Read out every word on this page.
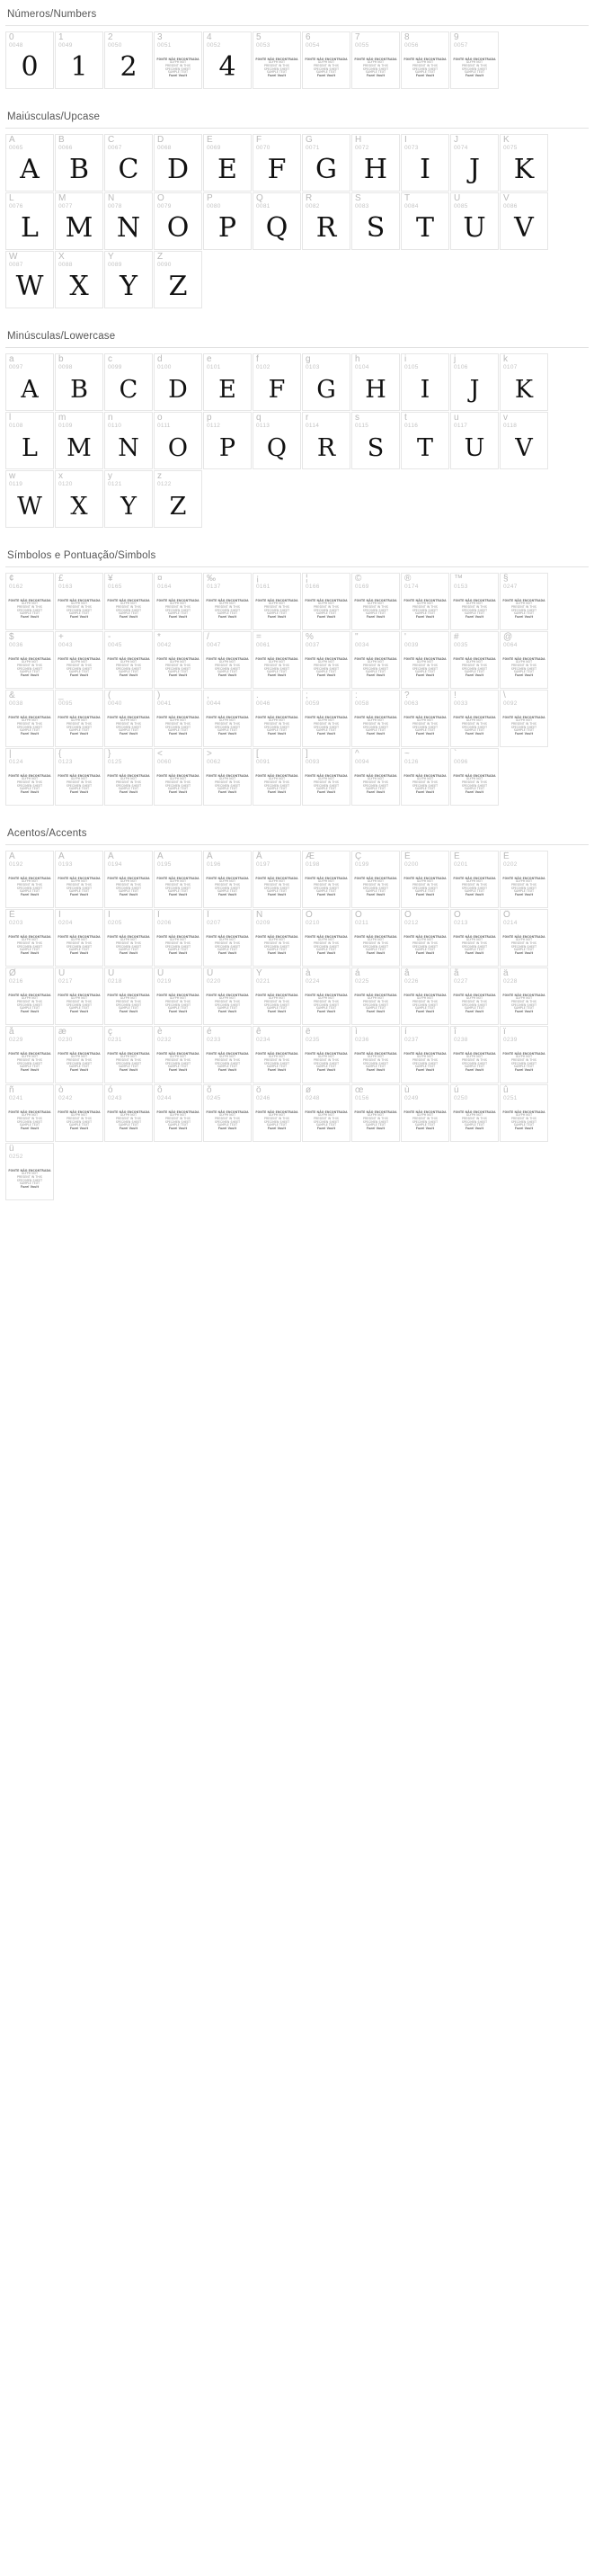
Números/Numbers
0
0048
0
1
0049
1
2
0050
2
3
0051
FONTE NÃO ENCONTRADA
GLYPH NOT
PRESENT IN THIS
SPECIMEN SHEET
SAMPLE TEXT
Fuzel Vault
4
0052
4
5
0053
FONTE NÃO ENCONTRADA
GLYPH NOT
PRESENT IN THIS
SPECIMEN SHEET
SAMPLE TEXT
Fuzel Vault
6
0054
FONTE NÃO ENCONTRADA
GLYPH NOT
PRESENT IN THIS
SPECIMEN SHEET
SAMPLE TEXT
Fuzel Vault
7
0055
FONTE NÃO ENCONTRADA
GLYPH NOT
PRESENT IN THIS
SPECIMEN SHEET
SAMPLE TEXT
Fuzel Vault
8
0056
FONTE NÃO ENCONTRADA
GLYPH NOT
PRESENT IN THIS
SPECIMEN SHEET
SAMPLE TEXT
Fuzel Vault
9
0057
FONTE NÃO ENCONTRADA
GLYPH NOT
PRESENT IN THIS
SPECIMEN SHEET
SAMPLE TEXT
Fuzel Vault
Maiúsculas/Upcase
A
0065
A
B
0066
B
C
0067
C
D
0068
D
E
0069
E
F
0070
F
G
0071
G
H
0072
H
I
0073
I
J
0074
J
K
0075
K
L
0076
L
M
0077
M
N
0078
N
O
0079
O
P
0080
P
Q
0081
Q
R
0082
R
S
0083
S
T
0084
T
U
0085
U
V
0086
V
W
0087
W
X
0088
X
Y
0089
Y
Z
0090
Z
Minúsculas/Lowercase
a
0097
A
b
0098
B
c
0099
C
d
0100
D
e
0101
E
f
0102
F
g
0103
G
h
0104
H
i
0105
I
j
0106
J
k
0107
K
l
0108
L
m
0109
M
n
0110
N
o
0111
O
p
0112
P
q
0113
Q
r
0114
R
s
0115
S
t
0116
T
u
0117
U
v
0118
V
w
0119
W
x
0120
X
y
0121
Y
z
0122
Z
Símbolos e Pontuação/Simbols
¢
0162
FONTE NÃO ENCONTRADA
GLYPH NOT
PRESENT IN THIS
SPECIMEN SHEET
SAMPLE TEXT
Fuzel Vault
£
0163
FONTE NÃO ENCONTRADA
GLYPH NOT
PRESENT IN THIS
SPECIMEN SHEET
SAMPLE TEXT
Fuzel Vault
¥
0165
FONTE NÃO ENCONTRADA
GLYPH NOT
PRESENT IN THIS
SPECIMEN SHEET
SAMPLE TEXT
Fuzel Vault
¤
0164
FONTE NÃO ENCONTRADA
GLYPH NOT
PRESENT IN THIS
SPECIMEN SHEET
SAMPLE TEXT
Fuzel Vault
‰
0137
FONTE NÃO ENCONTRADA
GLYPH NOT
PRESENT IN THIS
SPECIMEN SHEET
SAMPLE TEXT
Fuzel Vault
¡
0161
FONTE NÃO ENCONTRADA
GLYPH NOT
PRESENT IN THIS
SPECIMEN SHEET
SAMPLE TEXT
Fuzel Vault
¦
0166
FONTE NÃO ENCONTRADA
GLYPH NOT
PRESENT IN THIS
SPECIMEN SHEET
SAMPLE TEXT
Fuzel Vault
©
0169
FONTE NÃO ENCONTRADA
GLYPH NOT
PRESENT IN THIS
SPECIMEN SHEET
SAMPLE TEXT
Fuzel Vault
®
0174
FONTE NÃO ENCONTRADA
GLYPH NOT
PRESENT IN THIS
SPECIMEN SHEET
SAMPLE TEXT
Fuzel Vault
™
0153
FONTE NÃO ENCONTRADA
GLYPH NOT
PRESENT IN THIS
SPECIMEN SHEET
SAMPLE TEXT
Fuzel Vault
§
0247
FONTE NÃO ENCONTRADA
GLYPH NOT
PRESENT IN THIS
SPECIMEN SHEET
SAMPLE TEXT
Fuzel Vault
$
0036
FONTE NÃO ENCONTRADA
GLYPH NOT
PRESENT IN THIS
SPECIMEN SHEET
SAMPLE TEXT
Fuzel Vault
+
0043
FONTE NÃO ENCONTRADA
GLYPH NOT
PRESENT IN THIS
SPECIMEN SHEET
SAMPLE TEXT
Fuzel Vault
-
0045
FONTE NÃO ENCONTRADA
GLYPH NOT
PRESENT IN THIS
SPECIMEN SHEET
SAMPLE TEXT
Fuzel Vault
*
0042
FONTE NÃO ENCONTRADA
GLYPH NOT
PRESENT IN THIS
SPECIMEN SHEET
SAMPLE TEXT
Fuzel Vault
/
0047
FONTE NÃO ENCONTRADA
GLYPH NOT
PRESENT IN THIS
SPECIMEN SHEET
SAMPLE TEXT
Fuzel Vault
=
0061
FONTE NÃO ENCONTRADA
GLYPH NOT
PRESENT IN THIS
SPECIMEN SHEET
SAMPLE TEXT
Fuzel Vault
%
0037
FONTE NÃO ENCONTRADA
GLYPH NOT
PRESENT IN THIS
SPECIMEN SHEET
SAMPLE TEXT
Fuzel Vault
"
0034
FONTE NÃO ENCONTRADA
GLYPH NOT
PRESENT IN THIS
SPECIMEN SHEET
SAMPLE TEXT
Fuzel Vault
'
0039
FONTE NÃO ENCONTRADA
GLYPH NOT
PRESENT IN THIS
SPECIMEN SHEET
SAMPLE TEXT
Fuzel Vault
#
0035
FONTE NÃO ENCONTRADA
GLYPH NOT
PRESENT IN THIS
SPECIMEN SHEET
SAMPLE TEXT
Fuzel Vault
@
0064
FONTE NÃO ENCONTRADA
GLYPH NOT
PRESENT IN THIS
SPECIMEN SHEET
SAMPLE TEXT
Fuzel Vault
&
0038
FONTE NÃO ENCONTRADA
GLYPH NOT
PRESENT IN THIS
SPECIMEN SHEET
SAMPLE TEXT
Fuzel Vault
_
0095
FONTE NÃO ENCONTRADA
GLYPH NOT
PRESENT IN THIS
SPECIMEN SHEET
SAMPLE TEXT
Fuzel Vault
(
0040
FONTE NÃO ENCONTRADA
GLYPH NOT
PRESENT IN THIS
SPECIMEN SHEET
SAMPLE TEXT
Fuzel Vault
)
0041
FONTE NÃO ENCONTRADA
GLYPH NOT
PRESENT IN THIS
SPECIMEN SHEET
SAMPLE TEXT
Fuzel Vault
,
0044
FONTE NÃO ENCONTRADA
GLYPH NOT
PRESENT IN THIS
SPECIMEN SHEET
SAMPLE TEXT
Fuzel Vault
.
0046
FONTE NÃO ENCONTRADA
GLYPH NOT
PRESENT IN THIS
SPECIMEN SHEET
SAMPLE TEXT
Fuzel Vault
;
0059
FONTE NÃO ENCONTRADA
GLYPH NOT
PRESENT IN THIS
SPECIMEN SHEET
SAMPLE TEXT
Fuzel Vault
:
0058
FONTE NÃO ENCONTRADA
GLYPH NOT
PRESENT IN THIS
SPECIMEN SHEET
SAMPLE TEXT
Fuzel Vault
?
0063
FONTE NÃO ENCONTRADA
GLYPH NOT
PRESENT IN THIS
SPECIMEN SHEET
SAMPLE TEXT
Fuzel Vault
!
0033
FONTE NÃO ENCONTRADA
GLYPH NOT
PRESENT IN THIS
SPECIMEN SHEET
SAMPLE TEXT
Fuzel Vault
\
0092
FONTE NÃO ENCONTRADA
GLYPH NOT
PRESENT IN THIS
SPECIMEN SHEET
SAMPLE TEXT
Fuzel Vault
|
0124
FONTE NÃO ENCONTRADA
GLYPH NOT
PRESENT IN THIS
SPECIMEN SHEET
SAMPLE TEXT
Fuzel Vault
{
0123
FONTE NÃO ENCONTRADA
GLYPH NOT
PRESENT IN THIS
SPECIMEN SHEET
SAMPLE TEXT
Fuzel Vault
}
0125
FONTE NÃO ENCONTRADA
GLYPH NOT
PRESENT IN THIS
SPECIMEN SHEET
SAMPLE TEXT
Fuzel Vault
<
0060
FONTE NÃO ENCONTRADA
GLYPH NOT
PRESENT IN THIS
SPECIMEN SHEET
SAMPLE TEXT
Fuzel Vault
>
0062
FONTE NÃO ENCONTRADA
GLYPH NOT
PRESENT IN THIS
SPECIMEN SHEET
SAMPLE TEXT
Fuzel Vault
[
0091
FONTE NÃO ENCONTRADA
GLYPH NOT
PRESENT IN THIS
SPECIMEN SHEET
SAMPLE TEXT
Fuzel Vault
]
0093
FONTE NÃO ENCONTRADA
GLYPH NOT
PRESENT IN THIS
SPECIMEN SHEET
SAMPLE TEXT
Fuzel Vault
^
0094
FONTE NÃO ENCONTRADA
GLYPH NOT
PRESENT IN THIS
SPECIMEN SHEET
SAMPLE TEXT
Fuzel Vault
~
0126
FONTE NÃO ENCONTRADA
GLYPH NOT
PRESENT IN THIS
SPECIMEN SHEET
SAMPLE TEXT
Fuzel Vault
`
0096
FONTE NÃO ENCONTRADA
GLYPH NOT
PRESENT IN THIS
SPECIMEN SHEET
SAMPLE TEXT
Fuzel Vault
Acentos/Accents
À
0192
FONTE NÃO ENCONTRADA
GLYPH NOT
PRESENT IN THIS
SPECIMEN SHEET
SAMPLE TEXT
Fuzel Vault
Á
0193
FONTE NÃO ENCONTRADA
GLYPH NOT
PRESENT IN THIS
SPECIMEN SHEET
SAMPLE TEXT
Fuzel Vault
Â
0194
FONTE NÃO ENCONTRADA
GLYPH NOT
PRESENT IN THIS
SPECIMEN SHEET
SAMPLE TEXT
Fuzel Vault
Ã
0195
FONTE NÃO ENCONTRADA
GLYPH NOT
PRESENT IN THIS
SPECIMEN SHEET
SAMPLE TEXT
Fuzel Vault
Ä
0196
FONTE NÃO ENCONTRADA
GLYPH NOT
PRESENT IN THIS
SPECIMEN SHEET
SAMPLE TEXT
Fuzel Vault
Å
0197
FONTE NÃO ENCONTRADA
GLYPH NOT
PRESENT IN THIS
SPECIMEN SHEET
SAMPLE TEXT
Fuzel Vault
Æ
0198
FONTE NÃO ENCONTRADA
GLYPH NOT
PRESENT IN THIS
SPECIMEN SHEET
SAMPLE TEXT
Fuzel Vault
Ç
0199
FONTE NÃO ENCONTRADA
GLYPH NOT
PRESENT IN THIS
SPECIMEN SHEET
SAMPLE TEXT
Fuzel Vault
È
0200
FONTE NÃO ENCONTRADA
GLYPH NOT
PRESENT IN THIS
SPECIMEN SHEET
SAMPLE TEXT
Fuzel Vault
É
0201
FONTE NÃO ENCONTRADA
GLYPH NOT
PRESENT IN THIS
SPECIMEN SHEET
SAMPLE TEXT
Fuzel Vault
Ê
0202
FONTE NÃO ENCONTRADA
GLYPH NOT
PRESENT IN THIS
SPECIMEN SHEET
SAMPLE TEXT
Fuzel Vault
Ë
0203
FONTE NÃO ENCONTRADA
GLYPH NOT
PRESENT IN THIS
SPECIMEN SHEET
SAMPLE TEXT
Fuzel Vault
Ì
0204
FONTE NÃO ENCONTRADA
GLYPH NOT
PRESENT IN THIS
SPECIMEN SHEET
SAMPLE TEXT
Fuzel Vault
Í
0205
FONTE NÃO ENCONTRADA
GLYPH NOT
PRESENT IN THIS
SPECIMEN SHEET
SAMPLE TEXT
Fuzel Vault
Î
0206
FONTE NÃO ENCONTRADA
GLYPH NOT
PRESENT IN THIS
SPECIMEN SHEET
SAMPLE TEXT
Fuzel Vault
Ï
0207
FONTE NÃO ENCONTRADA
GLYPH NOT
PRESENT IN THIS
SPECIMEN SHEET
SAMPLE TEXT
Fuzel Vault
Ñ
0209
FONTE NÃO ENCONTRADA
GLYPH NOT
PRESENT IN THIS
SPECIMEN SHEET
SAMPLE TEXT
Fuzel Vault
Ò
0210
FONTE NÃO ENCONTRADA
GLYPH NOT
PRESENT IN THIS
SPECIMEN SHEET
SAMPLE TEXT
Fuzel Vault
Ó
0211
FONTE NÃO ENCONTRADA
GLYPH NOT
PRESENT IN THIS
SPECIMEN SHEET
SAMPLE TEXT
Fuzel Vault
Ô
0212
FONTE NÃO ENCONTRADA
GLYPH NOT
PRESENT IN THIS
SPECIMEN SHEET
SAMPLE TEXT
Fuzel Vault
Õ
0213
FONTE NÃO ENCONTRADA
GLYPH NOT
PRESENT IN THIS
SPECIMEN SHEET
SAMPLE TEXT
Fuzel Vault
Ö
0214
FONTE NÃO ENCONTRADA
GLYPH NOT
PRESENT IN THIS
SPECIMEN SHEET
SAMPLE TEXT
Fuzel Vault
Ø
0216
FONTE NÃO ENCONTRADA
GLYPH NOT
PRESENT IN THIS
SPECIMEN SHEET
SAMPLE TEXT
Fuzel Vault
Ù
0217
FONTE NÃO ENCONTRADA
GLYPH NOT
PRESENT IN THIS
SPECIMEN SHEET
SAMPLE TEXT
Fuzel Vault
Ú
0218
FONTE NÃO ENCONTRADA
GLYPH NOT
PRESENT IN THIS
SPECIMEN SHEET
SAMPLE TEXT
Fuzel Vault
Û
0219
FONTE NÃO ENCONTRADA
GLYPH NOT
PRESENT IN THIS
SPECIMEN SHEET
SAMPLE TEXT
Fuzel Vault
Ü
0220
FONTE NÃO ENCONTRADA
GLYPH NOT
PRESENT IN THIS
SPECIMEN SHEET
SAMPLE TEXT
Fuzel Vault
Ý
0221
FONTE NÃO ENCONTRADA
GLYPH NOT
PRESENT IN THIS
SPECIMEN SHEET
SAMPLE TEXT
Fuzel Vault
à
0224
FONTE NÃO ENCONTRADA
GLYPH NOT
PRESENT IN THIS
SPECIMEN SHEET
SAMPLE TEXT
Fuzel Vault
á
0225
FONTE NÃO ENCONTRADA
GLYPH NOT
PRESENT IN THIS
SPECIMEN SHEET
SAMPLE TEXT
Fuzel Vault
â
0226
FONTE NÃO ENCONTRADA
GLYPH NOT
PRESENT IN THIS
SPECIMEN SHEET
SAMPLE TEXT
Fuzel Vault
ã
0227
FONTE NÃO ENCONTRADA
GLYPH NOT
PRESENT IN THIS
SPECIMEN SHEET
SAMPLE TEXT
Fuzel Vault
ä
0228
FONTE NÃO ENCONTRADA
GLYPH NOT
PRESENT IN THIS
SPECIMEN SHEET
SAMPLE TEXT
Fuzel Vault
å
0229
FONTE NÃO ENCONTRADA
GLYPH NOT
PRESENT IN THIS
SPECIMEN SHEET
SAMPLE TEXT
Fuzel Vault
æ
0230
FONTE NÃO ENCONTRADA
GLYPH NOT
PRESENT IN THIS
SPECIMEN SHEET
SAMPLE TEXT
Fuzel Vault
ç
0231
FONTE NÃO ENCONTRADA
GLYPH NOT
PRESENT IN THIS
SPECIMEN SHEET
SAMPLE TEXT
Fuzel Vault
è
0232
FONTE NÃO ENCONTRADA
GLYPH NOT
PRESENT IN THIS
SPECIMEN SHEET
SAMPLE TEXT
Fuzel Vault
é
0233
FONTE NÃO ENCONTRADA
GLYPH NOT
PRESENT IN THIS
SPECIMEN SHEET
SAMPLE TEXT
Fuzel Vault
ê
0234
FONTE NÃO ENCONTRADA
GLYPH NOT
PRESENT IN THIS
SPECIMEN SHEET
SAMPLE TEXT
Fuzel Vault
ë
0235
FONTE NÃO ENCONTRADA
GLYPH NOT
PRESENT IN THIS
SPECIMEN SHEET
SAMPLE TEXT
Fuzel Vault
ì
0236
FONTE NÃO ENCONTRADA
GLYPH NOT
PRESENT IN THIS
SPECIMEN SHEET
SAMPLE TEXT
Fuzel Vault
í
0237
FONTE NÃO ENCONTRADA
GLYPH NOT
PRESENT IN THIS
SPECIMEN SHEET
SAMPLE TEXT
Fuzel Vault
î
0238
FONTE NÃO ENCONTRADA
GLYPH NOT
PRESENT IN THIS
SPECIMEN SHEET
SAMPLE TEXT
Fuzel Vault
ï
0239
FONTE NÃO ENCONTRADA
GLYPH NOT
PRESENT IN THIS
SPECIMEN SHEET
SAMPLE TEXT
Fuzel Vault
ñ
0241
FONTE NÃO ENCONTRADA
GLYPH NOT
PRESENT IN THIS
SPECIMEN SHEET
SAMPLE TEXT
Fuzel Vault
ò
0242
FONTE NÃO ENCONTRADA
GLYPH NOT
PRESENT IN THIS
SPECIMEN SHEET
SAMPLE TEXT
Fuzel Vault
ó
0243
FONTE NÃO ENCONTRADA
GLYPH NOT
PRESENT IN THIS
SPECIMEN SHEET
SAMPLE TEXT
Fuzel Vault
ô
0244
FONTE NÃO ENCONTRADA
GLYPH NOT
PRESENT IN THIS
SPECIMEN SHEET
SAMPLE TEXT
Fuzel Vault
õ
0245
FONTE NÃO ENCONTRADA
GLYPH NOT
PRESENT IN THIS
SPECIMEN SHEET
SAMPLE TEXT
Fuzel Vault
ö
0246
FONTE NÃO ENCONTRADA
GLYPH NOT
PRESENT IN THIS
SPECIMEN SHEET
SAMPLE TEXT
Fuzel Vault
ø
0248
FONTE NÃO ENCONTRADA
GLYPH NOT
PRESENT IN THIS
SPECIMEN SHEET
SAMPLE TEXT
Fuzel Vault
œ
0156
FONTE NÃO ENCONTRADA
GLYPH NOT
PRESENT IN THIS
SPECIMEN SHEET
SAMPLE TEXT
Fuzel Vault
ù
0249
FONTE NÃO ENCONTRADA
GLYPH NOT
PRESENT IN THIS
SPECIMEN SHEET
SAMPLE TEXT
Fuzel Vault
ú
0250
FONTE NÃO ENCONTRADA
GLYPH NOT
PRESENT IN THIS
SPECIMEN SHEET
SAMPLE TEXT
Fuzel Vault
û
0251
FONTE NÃO ENCONTRADA
GLYPH NOT
PRESENT IN THIS
SPECIMEN SHEET
SAMPLE TEXT
Fuzel Vault
ü
0252
FONTE NÃO ENCONTRADA
GLYPH NOT
PRESENT IN THIS
SPECIMEN SHEET
SAMPLE TEXT
Fuzel Vault
